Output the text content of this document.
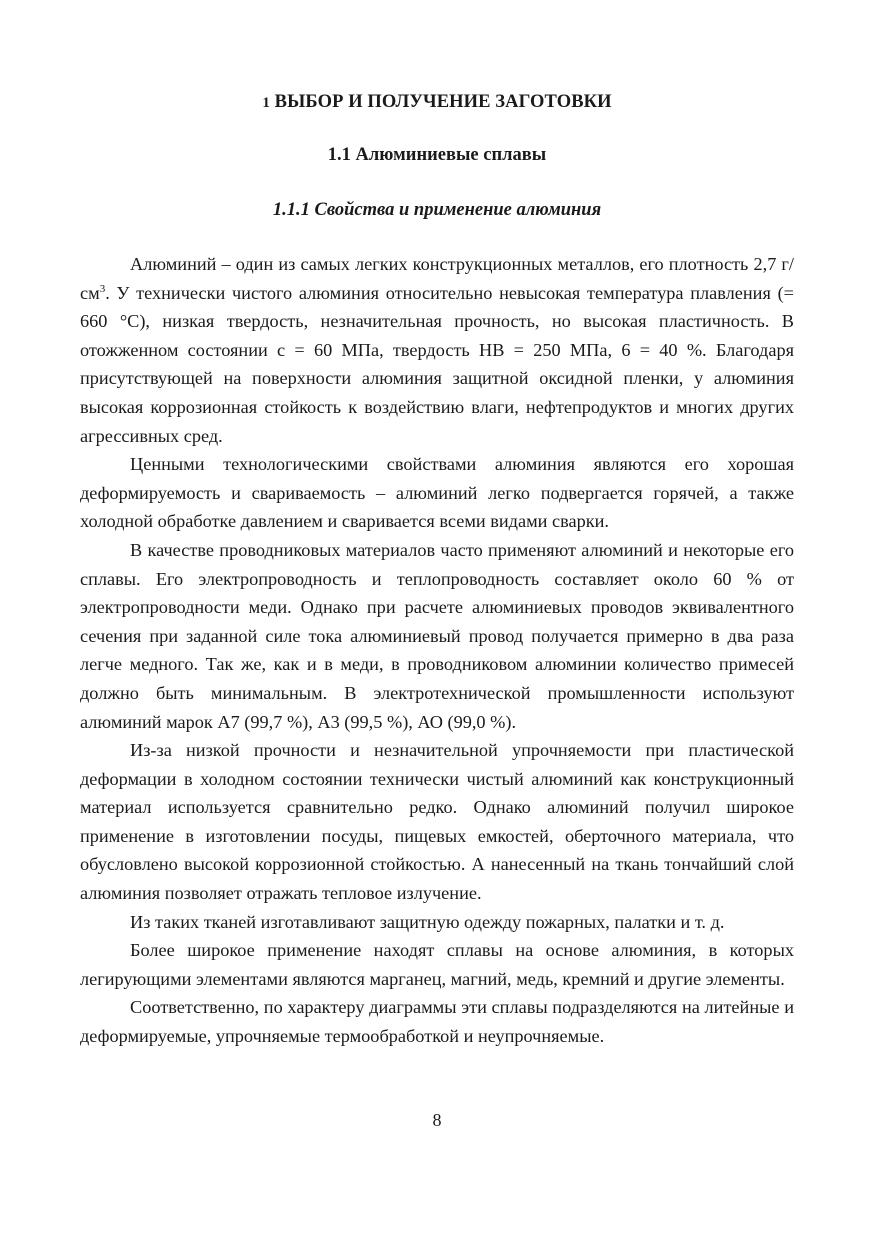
1 ВЫБОР И ПОЛУЧЕНИЕ ЗАГОТОВКИ
1.1 Алюминиевые сплавы
1.1.1 Свойства и применение алюминия

Алюминий – один из самых легких конструкционных металлов, его плотность 2,7 $г/см^3$. У технически чистого алюминия относительно невысокая температура плавления (= 660 °С), низкая твердость, незначительная прочность, но высокая пластичность. В отожженном состоянии с = 60 МПа, твердость НВ = 250 МПа, 6 = 40 %. Благодаря присутствующей на поверхности алюминия защитной оксидной пленки, у алюминия высокая коррозионная стойкость к воздействию влаги, нефтепродуктов и многих других агрессивных сред.

Ценными технологическими свойствами алюминия являются его хорошая деформируемость и свариваемость – алюминий легко подвергается горячей, а также холодной обработке давлением и сваривается всеми видами сварки.

В качестве проводниковых материалов часто применяют алюминий и некоторые его сплавы. Его электропроводность и теплопроводность составляет около 60 % от электропроводности меди. Однако при расчете алюминиевых проводов эквивалентного сечения при заданной силе тока алюминиевый провод получается примерно в два раза легче медного. Так же, как и в меди, в проводниковом алюминии количество примесей должно быть минимальным. В электротехнической промышленности используют алюминий марок А7 (99,7 %), А3 (99,5 %), АО (99,0 %).

Из-за низкой прочности и незначительной упрочняемости при пластической деформации в холодном состоянии технически чистый алюминий как конструкционный материал используется сравнительно редко. Однако алюминий получил широкое применение в изготовлении посуды, пищевых емкостей, оберточного материала, что обусловлено высокой коррозионной стойкостью. А нанесенный на ткань тончайший слой алюминия позволяет отражать тепловое излучение.

Из таких тканей изготавливают защитную одежду пожарных, палатки и т. д.

Более широкое применение находят сплавы на основе алюминия, в которых легирующими элементами являются марганец, магний, медь, кремний и другие элементы.

Соответственно, по характеру диаграммы эти сплавы подразделяются на литейные и деформируемые, упрочняемые термообработкой и неупрочняемые.

8
